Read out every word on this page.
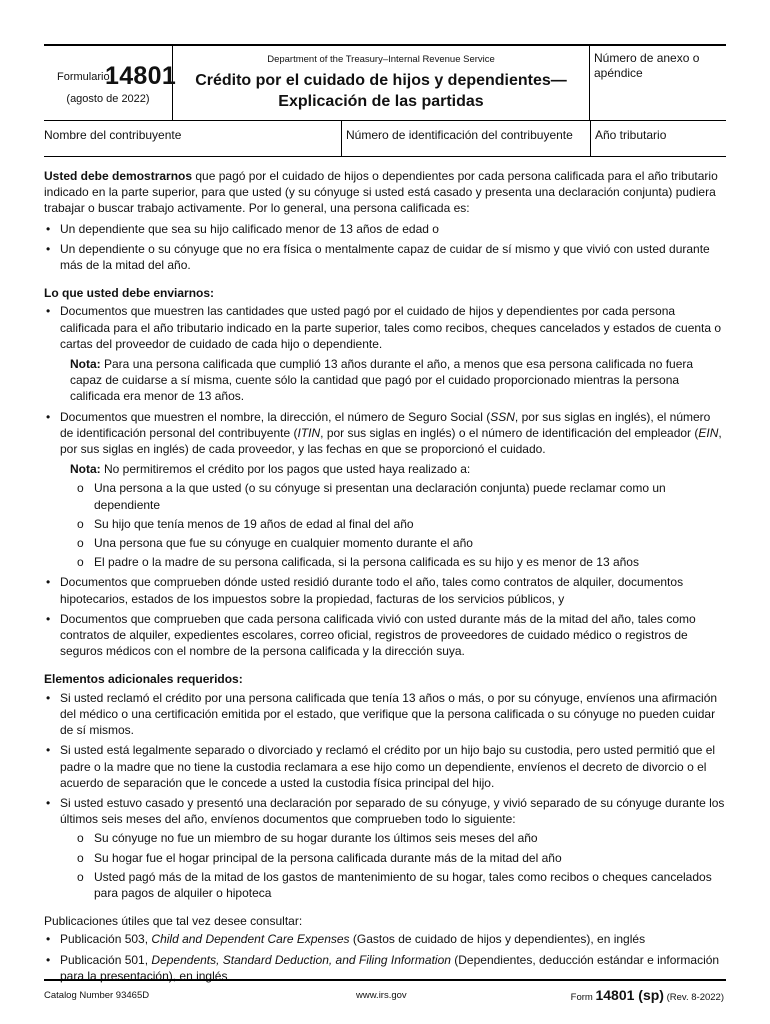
Formulario
14801
(agosto de 2022)
Department of the Treasury–Internal Revenue Service
Crédito por el cuidado de hijos y dependientes—
Explicación de las partidas
Número de anexo o apéndice
Nombre del contribuyente	Número de identificación del contribuyente	Año tributario

Usted debe demostrarnos que pagó por el cuidado de hijos o dependientes por cada persona calificada para el año tributario indicado en la parte superior, para que usted (y su cónyuge si usted está casado y presenta una declaración conjunta) pudiera trabajar o buscar trabajo activamente. Por lo general, una persona calificada es:

• Un dependiente que sea su hijo calificado menor de 13 años de edad o
• Un dependiente o su cónyuge que no era física o mentalmente capaz de cuidar de sí mismo y que vivió con usted durante más de la mitad del año.

Lo que usted debe enviarnos:

• Documentos que muestren las cantidades que usted pagó por el cuidado de hijos y dependientes por cada persona calificada para el año tributario indicado en la parte superior, tales como recibos, cheques cancelados y estados de cuenta o cartas del proveedor de cuidado de cada hijo o dependiente.

Nota: Para una persona calificada que cumplió 13 años durante el año, a menos que esa persona calificada no fuera capaz de cuidarse a sí misma, cuente sólo la cantidad que pagó por el cuidado proporcionado mientras la persona calificada era menor de 13 años.

• Documentos que muestren el nombre, la dirección, el número de Seguro Social (SSN, por sus siglas en inglés), el número de identificación personal del contribuyente (ITIN, por sus siglas en inglés) o el número de identificación del empleador (EIN, por sus siglas en inglés) de cada proveedor, y las fechas en que se proporcionó el cuidado.

Nota: No permitiremos el crédito por los pagos que usted haya realizado a:

o Una persona a la que usted (o su cónyuge si presentan una declaración conjunta) puede reclamar como un dependiente
o Su hijo que tenía menos de 19 años de edad al final del año
o Una persona que fue su cónyuge en cualquier momento durante el año
o El padre o la madre de su persona calificada, si la persona calificada es su hijo y es menor de 13 años
• Documentos que comprueben dónde usted residió durante todo el año, tales como contratos de alquiler, documentos hipotecarios, estados de los impuestos sobre la propiedad, facturas de los servicios públicos, y
• Documentos que comprueben que cada persona calificada vivió con usted durante más de la mitad del año, tales como contratos de alquiler, expedientes escolares, correo oficial, registros de proveedores de cuidado médico o registros de seguros médicos con el nombre de la persona calificada y la dirección suya.

Elementos adicionales requeridos:

• Si usted reclamó el crédito por una persona calificada que tenía 13 años o más, o por su cónyuge, envíenos una afirmación del médico o una certificación emitida por el estado, que verifique que la persona calificada o su cónyuge no pueden cuidar de sí mismos.
• Si usted está legalmente separado o divorciado y reclamó el crédito por un hijo bajo su custodia, pero usted permitió que el padre o la madre que no tiene la custodia reclamara a ese hijo como un dependiente, envíenos el decreto de divorcio o el acuerdo de separación que le concede a usted la custodia física principal del hijo.
• Si usted estuvo casado y presentó una declaración por separado de su cónyuge, y vivió separado de su cónyuge durante los últimos seis meses del año, envíenos documentos que comprueben todo lo siguiente:
o Su cónyuge no fue un miembro de su hogar durante los últimos seis meses del año
o Su hogar fue el hogar principal de la persona calificada durante más de la mitad del año
o Usted pagó más de la mitad de los gastos de mantenimiento de su hogar, tales como recibos o cheques cancelados para pagos de alquiler o hipoteca

Publicaciones útiles que tal vez desee consultar:

• Publicación 503, Child and Dependent Care Expenses (Gastos de cuidado de hijos y dependientes), en inglés
• Publicación 501, Dependents, Standard Deduction, and Filing Information (Dependientes, deducción estándar e información para la presentación), en inglés
Catalog Number 93465D	www.irs.gov	Form 14801 (sp) (Rev. 8-2022)
